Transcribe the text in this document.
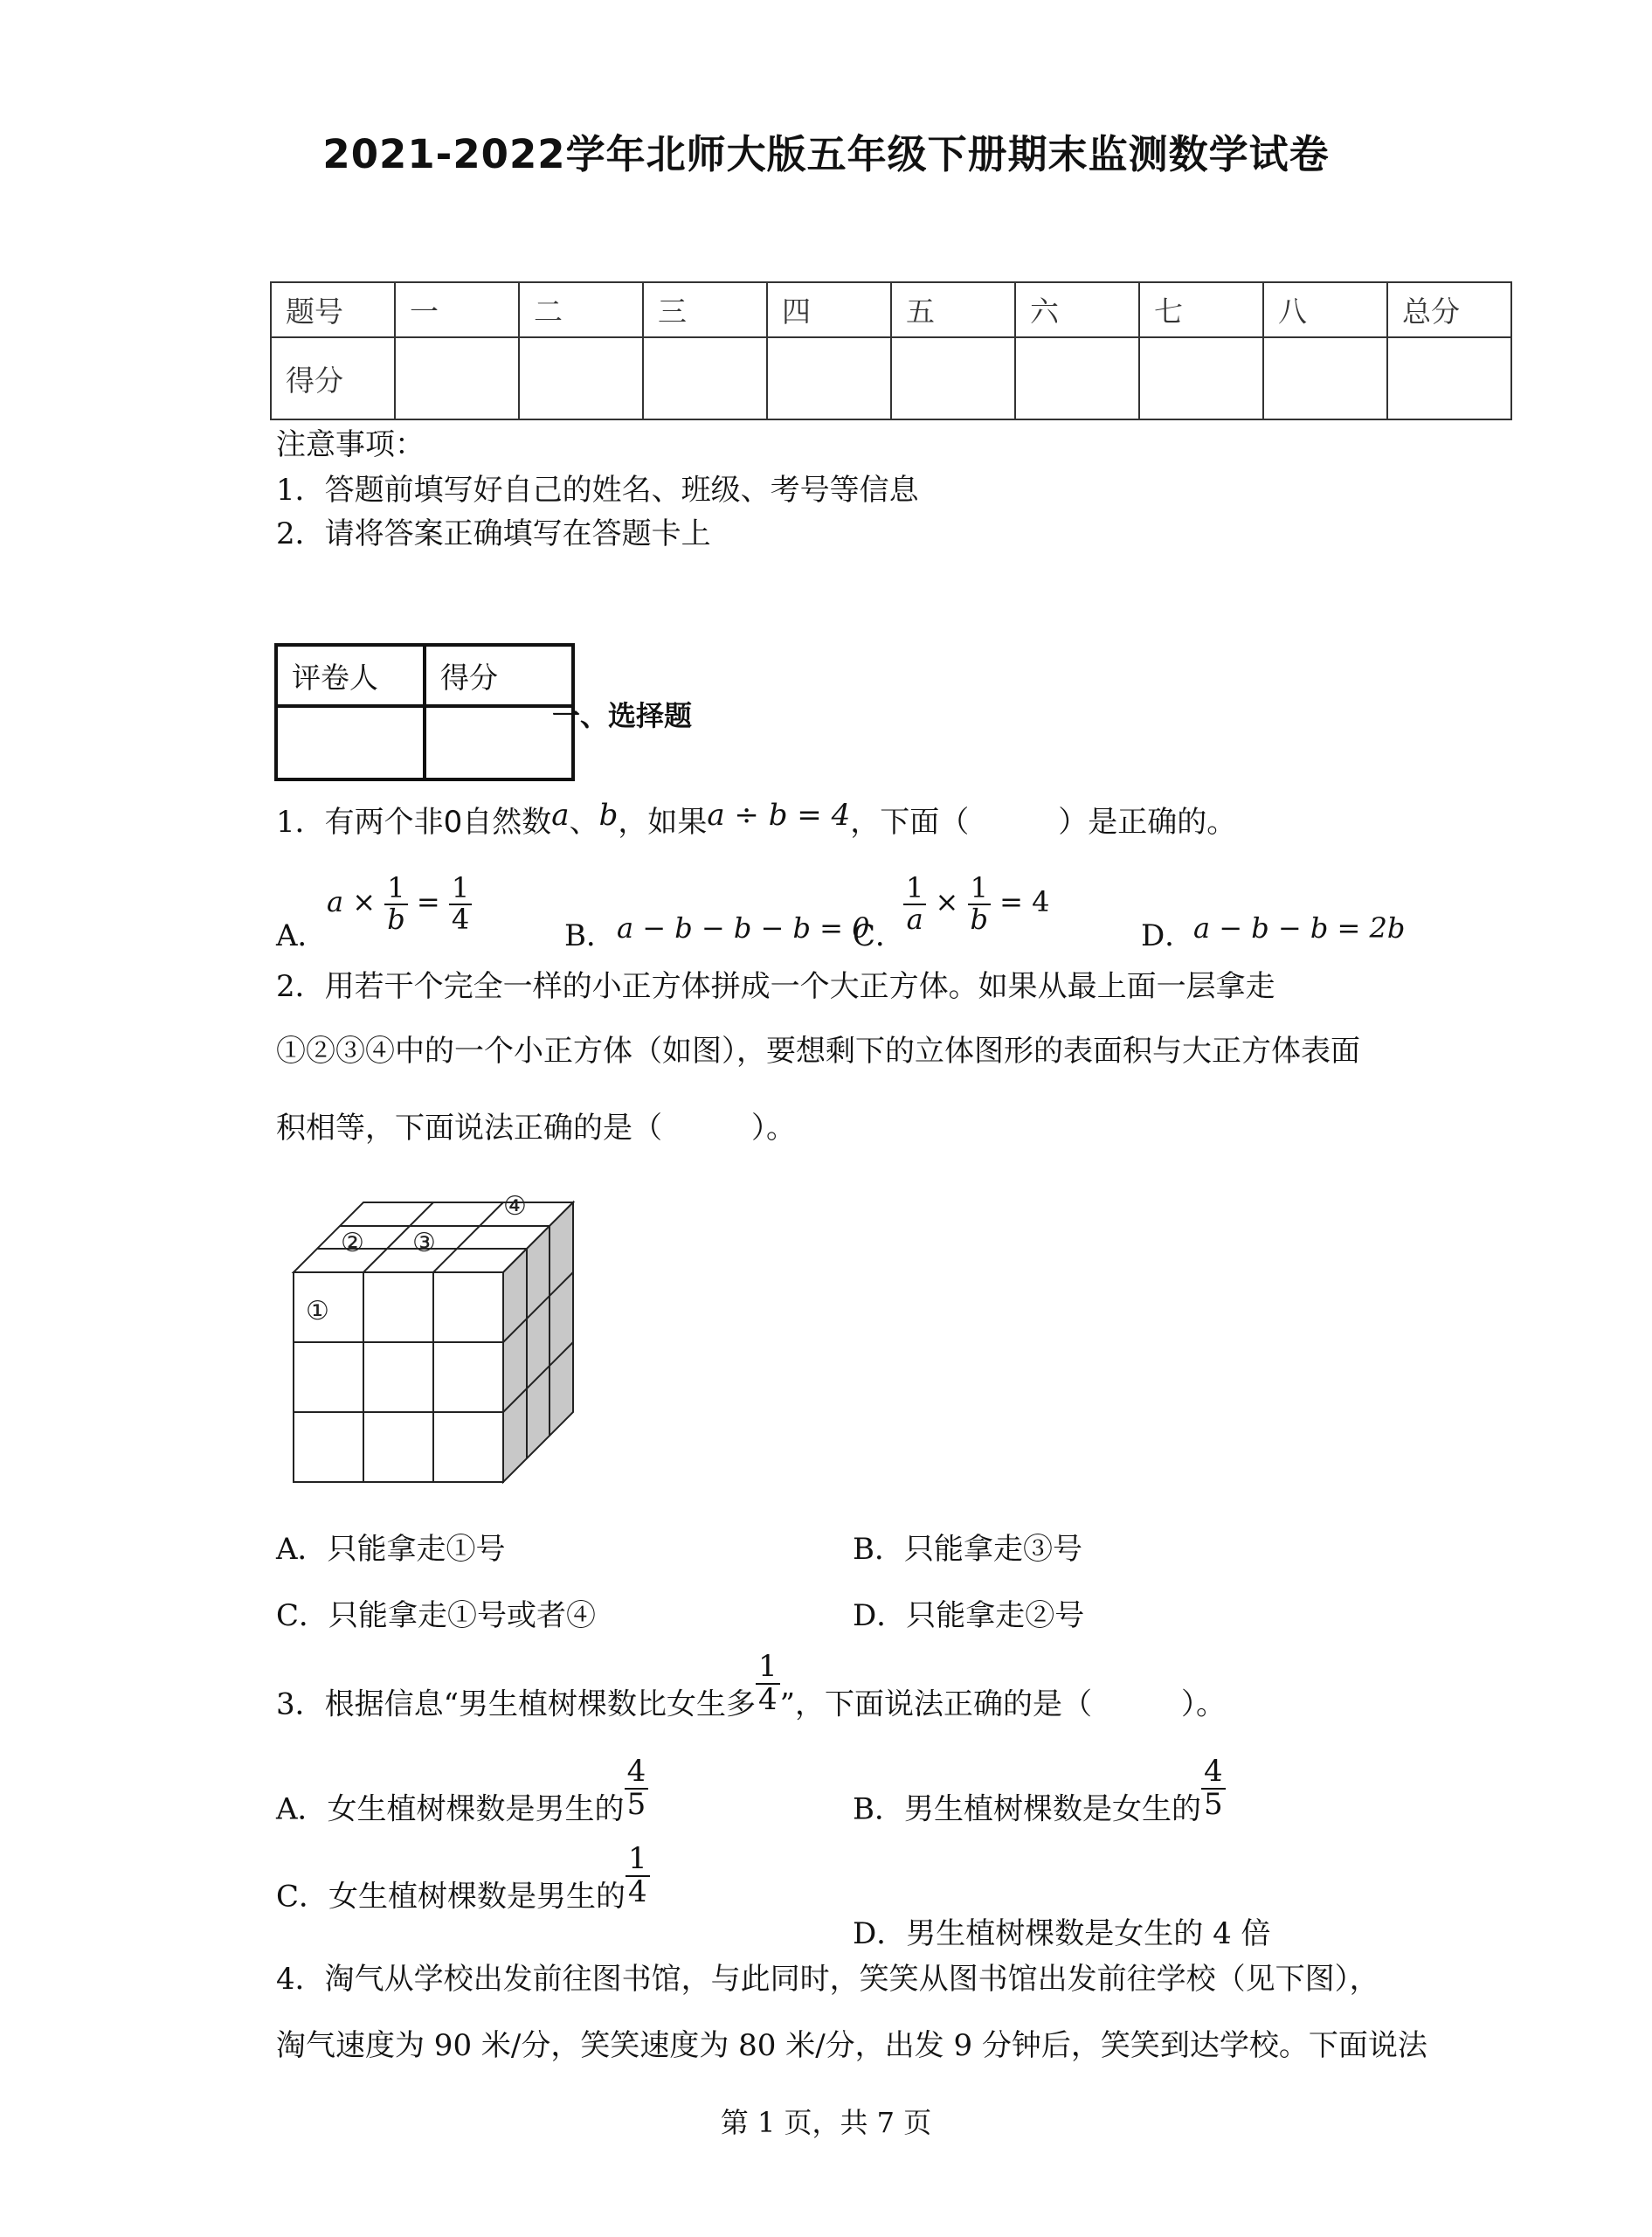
2021-2022学年北师大版五年级下册期末监测数学试卷
题号	一	二	三	四	五	六	七	八	总分
得分									
注意事项：
1．答题前填写好自己的姓名、班级、考号等信息
2．请将答案正确填写在答题卡上
评卷人	得分

一、选择题
1．有两个非0自然数a、b，如果a ÷ b = 4，下面（　　　）是正确的。
A．
$a \times \frac{1}{b} = \frac{1}{4}$
B． a − b − b − b = 0
C．
$\frac{1}{a} \times \frac{1}{b} = 4$
D．
a − b − b = 2b
2．用若干个完全一样的小正方体拼成一个大正方体。如果从最上面一层拿走
①②③④中的一个小正方体（如图），要想剩下的立体图形的表面积与大正方体表面
积相等，下面说法正确的是（　　　）。
①
② ③
④
A．只能拿走①号	B．只能拿走③号
C．只能拿走①号或者④	D．只能拿走②号
3．根据信息“男生植树棵数比女生多 $\frac{1}{4}$ ”，下面说法正确的是（　　　）。
A．女生植树棵数是男生的 $\frac{4}{5}$	B．男生植树棵数是女生的 $\frac{4}{5}$
C．女生植树棵数是男生的 $\frac{1}{4}$
D．男生植树棵数是女生的 4 倍
4．淘气从学校出发前往图书馆，与此同时，笑笑从图书馆出发前往学校（见下图），
淘气速度为 90 米/分，笑笑速度为 80 米/分，出发 9 分钟后，笑笑到达学校。下面说法
第 1 页，共 7 页
